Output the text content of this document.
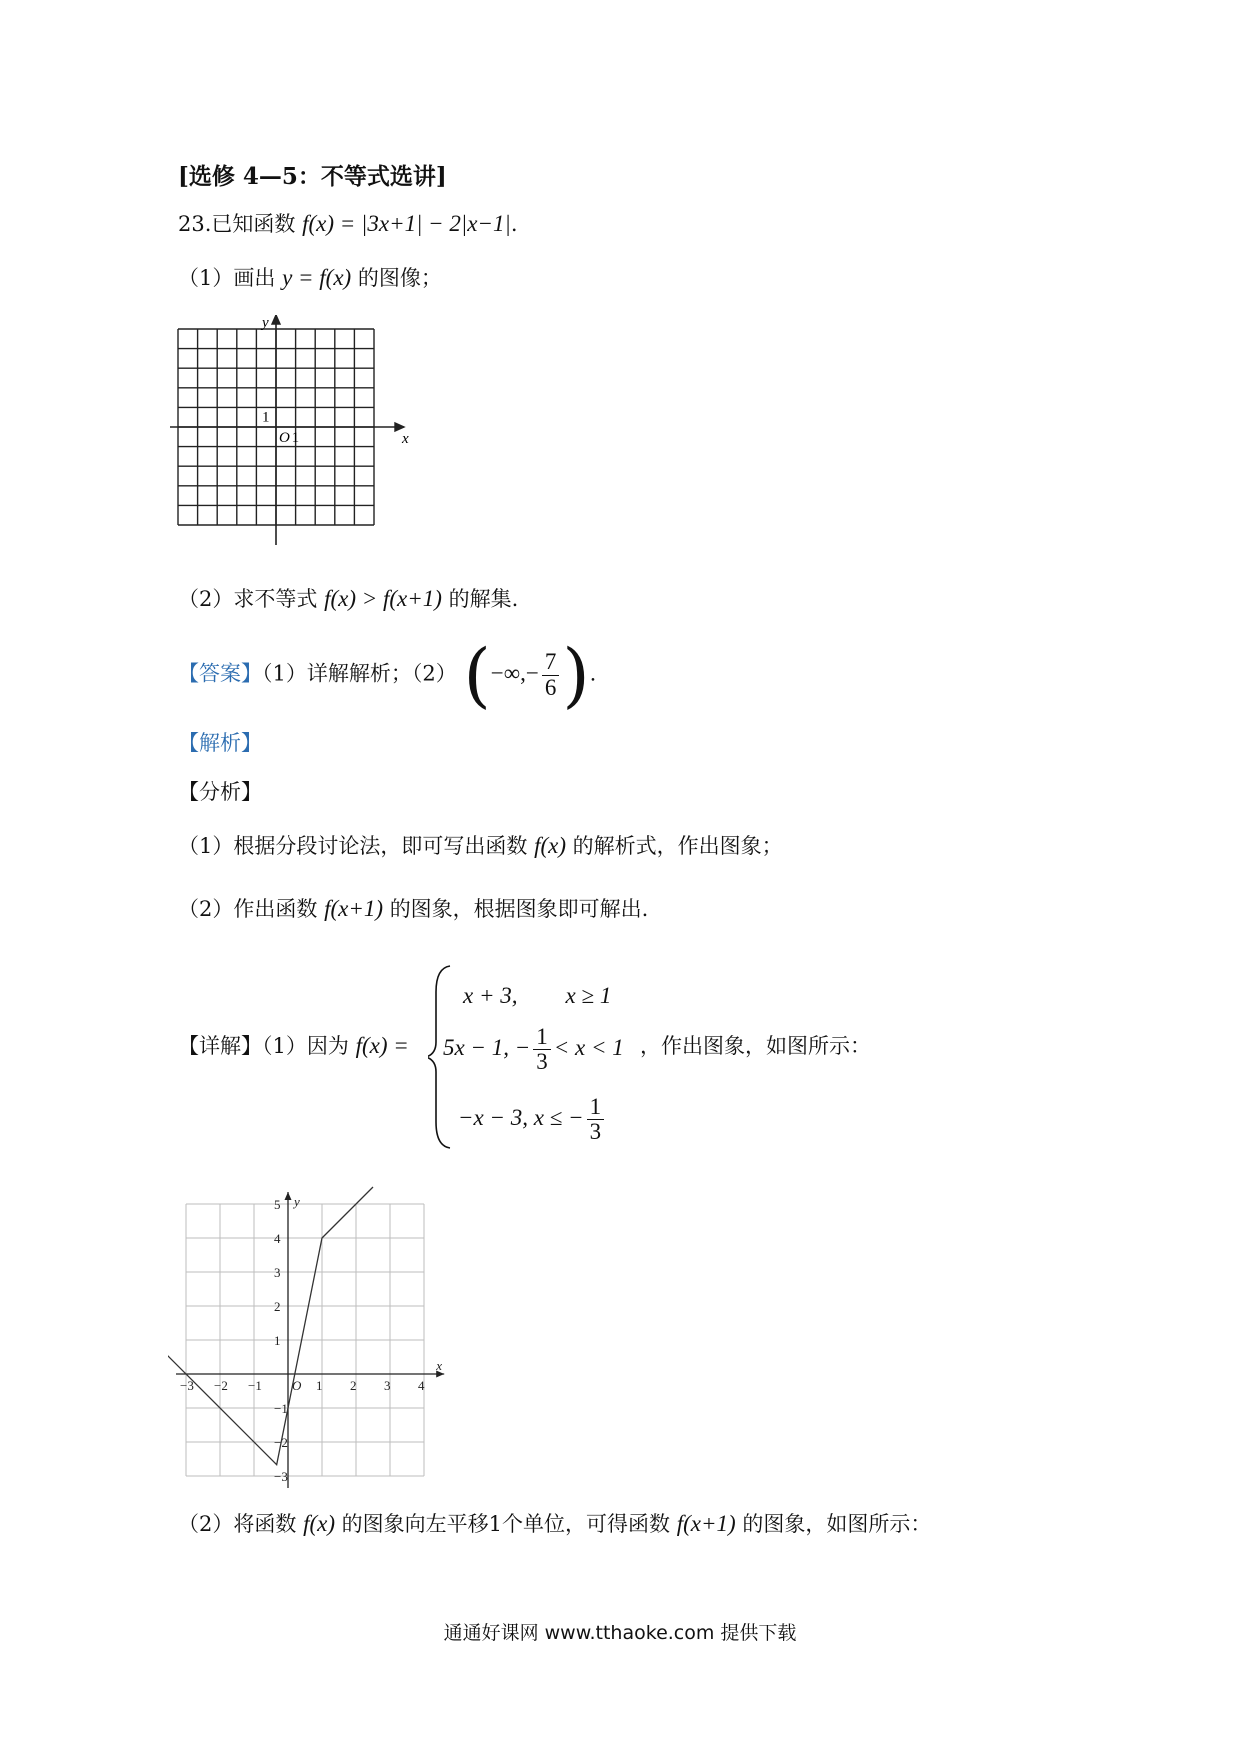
[选修 4—5：不等式选讲]
23.已知函数 f(x) = |3x+1| − 2|x−1|.
（1）画出 y = f(x) 的图像；
y
x
O 1
1
（2）求不等式 f(x) > f(x+1) 的解集.
【答案】（1）详解解析；（2） (−∞,− $\frac{7}{6}$ ).
【解析】
【分析】
（1）根据分段讨论法，即可写出函数 f(x) 的解析式，作出图象；
（2）作出函数 f(x+1) 的图象，根据图象即可解出.
【详解】（1）因为 f(x) =
x + 3, x ≥ 1
5x − 1, − $\frac{1}{3} < x < 1$ ，作出图象，如图所示：
−x − 3, x ≤ − $\frac{1}{3}$
−3 −2 −1	1 2 3 4
5
4
3
2
1
−1
−2
−3
O
x
y
（2）将函数 f(x) 的图象向左平移1个单位，可得函数 f(x+1) 的图象，如图所示：
通通好课网 www.tthaoke.com 提供下载
